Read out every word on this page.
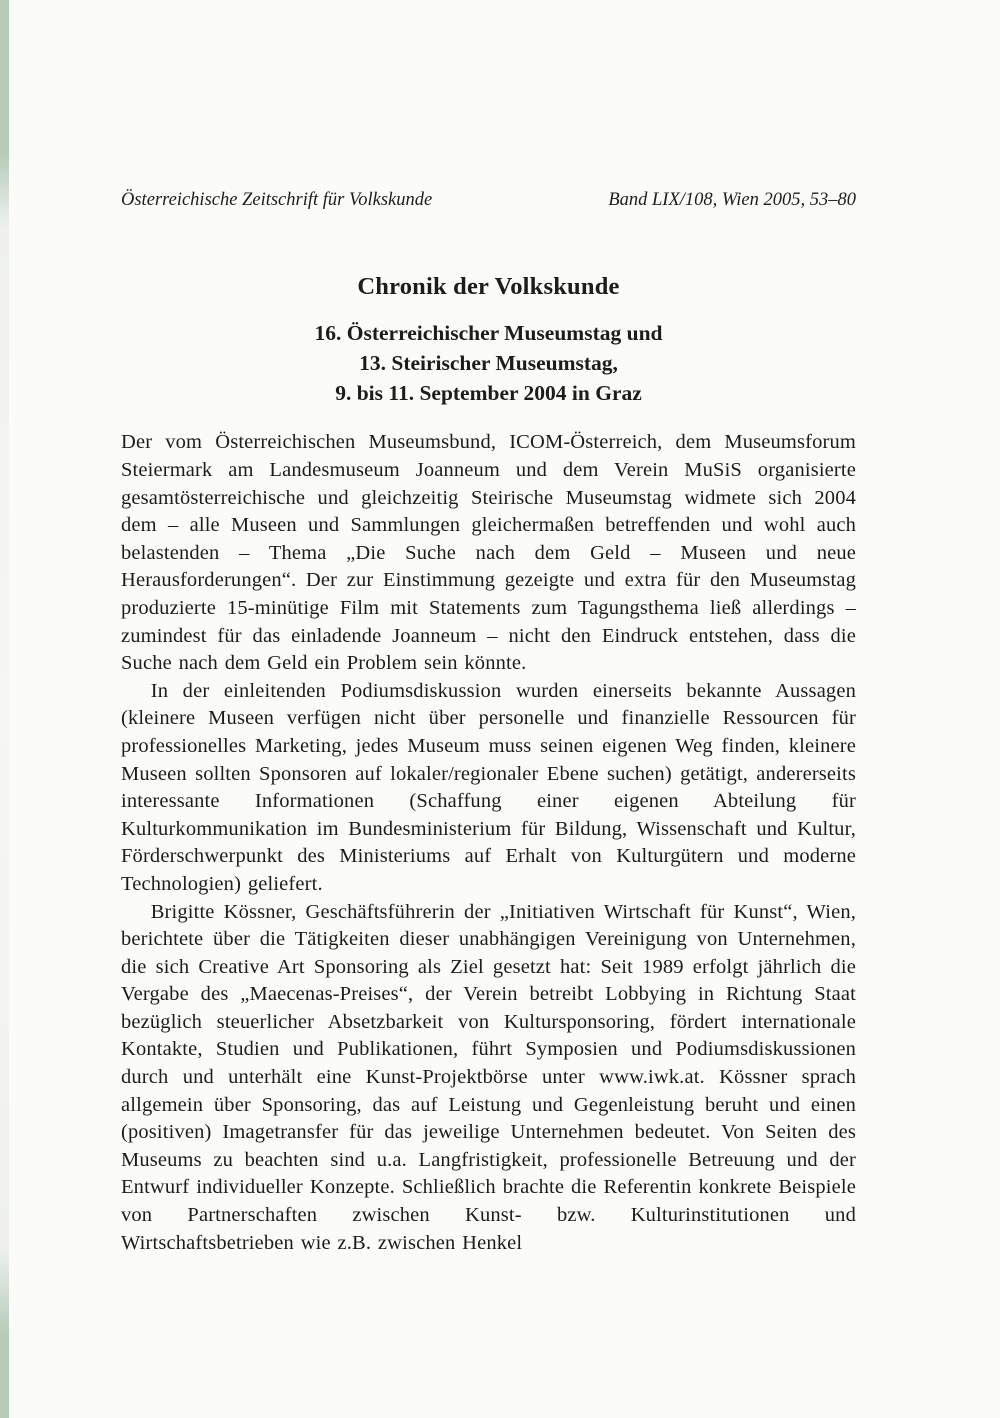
Österreichische Zeitschrift für Volkskunde	Band LIX/108, Wien 2005, 53–80
Chronik der Volkskunde
16. Österreichischer Museumstag und
13. Steirischer Museumstag,
9. bis 11. September 2004 in Graz

Der vom Österreichischen Museumsbund, ICOM-Österreich, dem Museumsforum Steiermark am Landesmuseum Joanneum und dem Verein MuSiS organisierte gesamtösterreichische und gleichzeitig Steirische Museumstag widmete sich 2004 dem – alle Museen und Sammlungen gleichermaßen betreffenden und wohl auch belastenden – Thema „Die Suche nach dem Geld – Museen und neue Herausforderungen“. Der zur Einstimmung gezeigte und extra für den Museumstag produzierte 15-minütige Film mit Statements zum Tagungsthema ließ allerdings – zumindest für das einladende Joanneum – nicht den Eindruck entstehen, dass die Suche nach dem Geld ein Problem sein könnte.

In der einleitenden Podiumsdiskussion wurden einerseits bekannte Aussagen (kleinere Museen verfügen nicht über personelle und finanzielle Ressourcen für professionelles Marketing, jedes Museum muss seinen eigenen Weg finden, kleinere Museen sollten Sponsoren auf lokaler/regionaler Ebene suchen) getätigt, andererseits interessante Informationen (Schaffung einer eigenen Abteilung für Kulturkommunikation im Bundesministerium für Bildung, Wissenschaft und Kultur, Förderschwerpunkt des Ministeriums auf Erhalt von Kulturgütern und moderne Technologien) geliefert.

Brigitte Kössner, Geschäftsführerin der „Initiativen Wirtschaft für Kunst“, Wien, berichtete über die Tätigkeiten dieser unabhängigen Vereinigung von Unternehmen, die sich Creative Art Sponsoring als Ziel gesetzt hat: Seit 1989 erfolgt jährlich die Vergabe des „Maecenas-Preises“, der Verein betreibt Lobbying in Richtung Staat bezüglich steuerlicher Absetzbarkeit von Kultursponsoring, fördert internationale Kontakte, Studien und Publikationen, führt Symposien und Podiumsdiskussionen durch und unterhält eine Kunst-Projektbörse unter www.iwk.at. Kössner sprach allgemein über Sponsoring, das auf Leistung und Gegenleistung beruht und einen (positiven) Imagetransfer für das jeweilige Unternehmen bedeutet. Von Seiten des Museums zu beachten sind u.a. Langfristigkeit, professionelle Betreuung und der Entwurf individueller Konzepte. Schließlich brachte die Referentin konkrete Beispiele von Partnerschaften zwischen Kunst- bzw. Kulturinstitutionen und Wirtschaftsbetrieben wie z.B. zwischen Henkel
